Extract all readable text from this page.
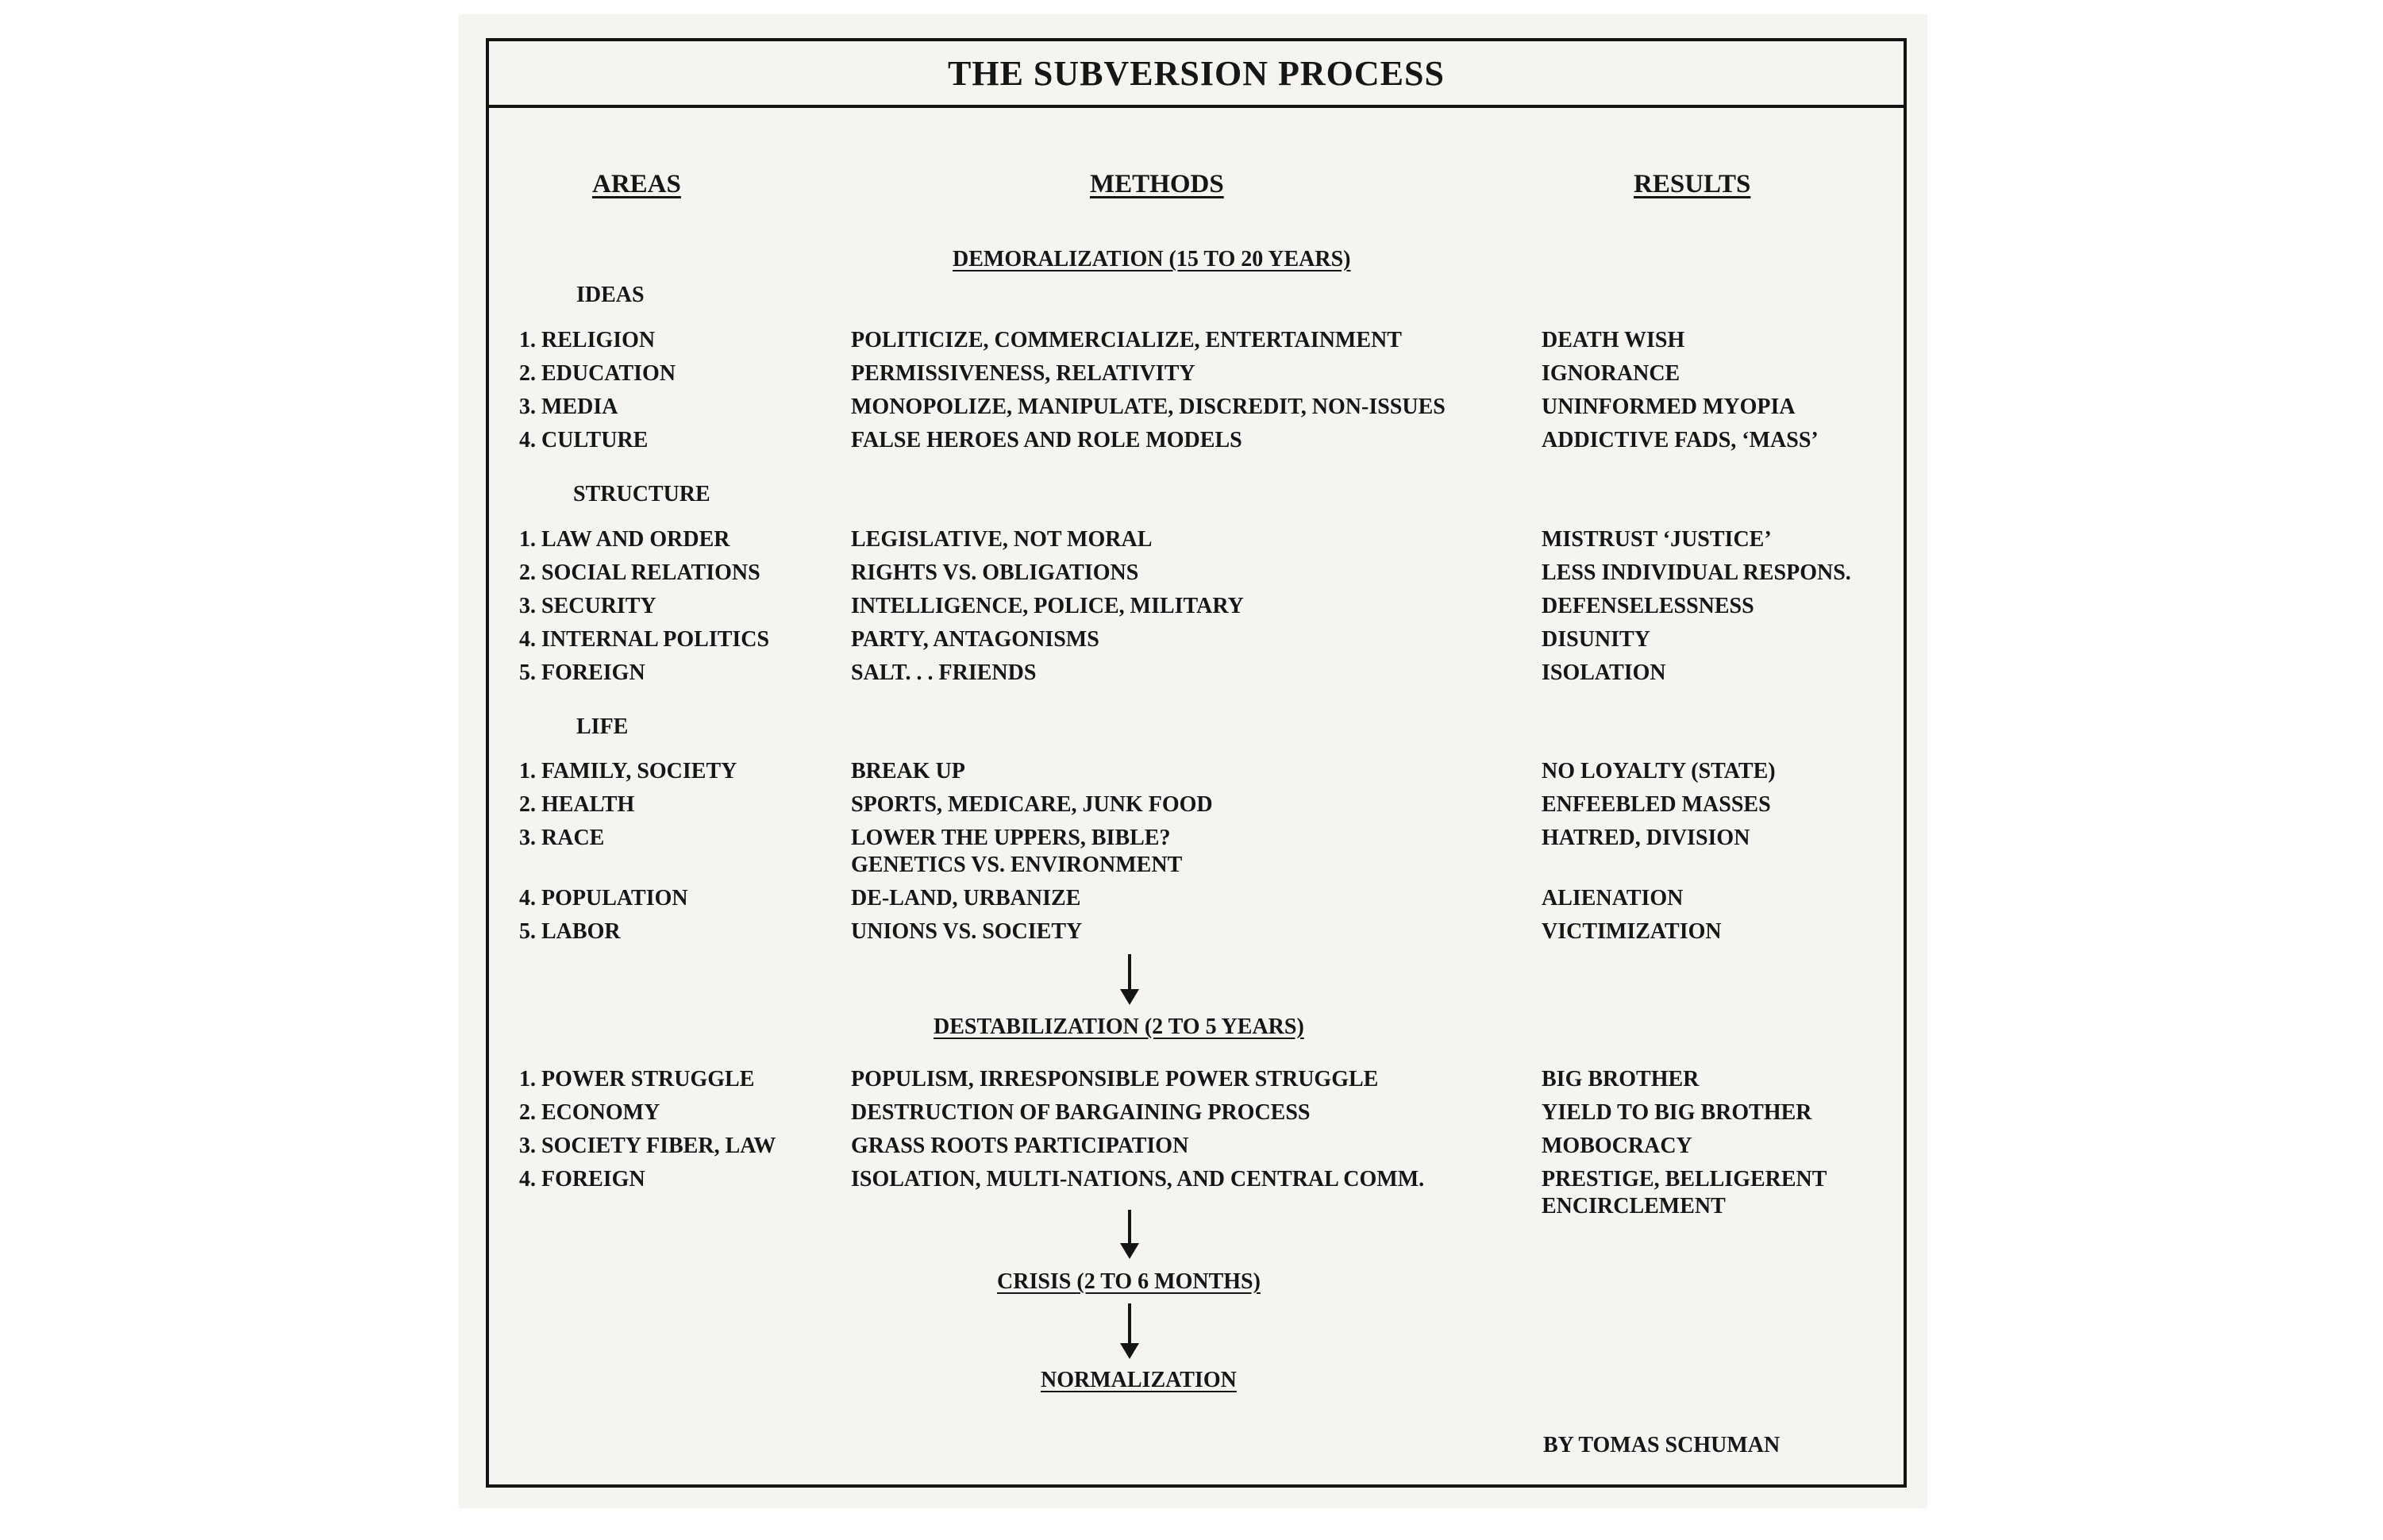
THE SUBVERSION PROCESS
AREAS	METHODS	RESULTS
DEMORALIZATION (15 TO 20 YEARS)
IDEAS
1. RELIGION	POLITICIZE, COMMERCIALIZE, ENTERTAINMENT	DEATH WISH
2. EDUCATION	PERMISSIVENESS, RELATIVITY	IGNORANCE
3. MEDIA	MONOPOLIZE, MANIPULATE, DISCREDIT, NON-ISSUES	UNINFORMED MYOPIA
4. CULTURE	FALSE HEROES AND ROLE MODELS	ADDICTIVE FADS, ‘MASS’
STRUCTURE
1. LAW AND ORDER	LEGISLATIVE, NOT MORAL	MISTRUST ‘JUSTICE’
2. SOCIAL RELATIONS	RIGHTS VS. OBLIGATIONS	LESS INDIVIDUAL RESPONS.
3. SECURITY	INTELLIGENCE, POLICE, MILITARY	DEFENSELESSNESS
4. INTERNAL POLITICS	PARTY, ANTAGONISMS	DISUNITY
5. FOREIGN	SALT. . . FRIENDS	ISOLATION
LIFE
1. FAMILY, SOCIETY	BREAK UP	NO LOYALTY (STATE)
2. HEALTH	SPORTS, MEDICARE, JUNK FOOD	ENFEEBLED MASSES
3. RACE	LOWER THE UPPERS, BIBLE?	HATRED, DIVISION
GENETICS VS. ENVIRONMENT
4. POPULATION	DE-LAND, URBANIZE	ALIENATION
5. LABOR	UNIONS VS. SOCIETY	VICTIMIZATION
DESTABILIZATION (2 TO 5 YEARS)
1. POWER STRUGGLE	POPULISM, IRRESPONSIBLE POWER STRUGGLE	BIG BROTHER
2. ECONOMY	DESTRUCTION OF BARGAINING PROCESS	YIELD TO BIG BROTHER
3. SOCIETY FIBER, LAW	GRASS ROOTS PARTICIPATION	MOBOCRACY
4. FOREIGN	ISOLATION, MULTI-NATIONS, AND CENTRAL COMM.	PRESTIGE, BELLIGERENT
ENCIRCLEMENT
CRISIS (2 TO 6 MONTHS)
NORMALIZATION
BY TOMAS SCHUMAN
